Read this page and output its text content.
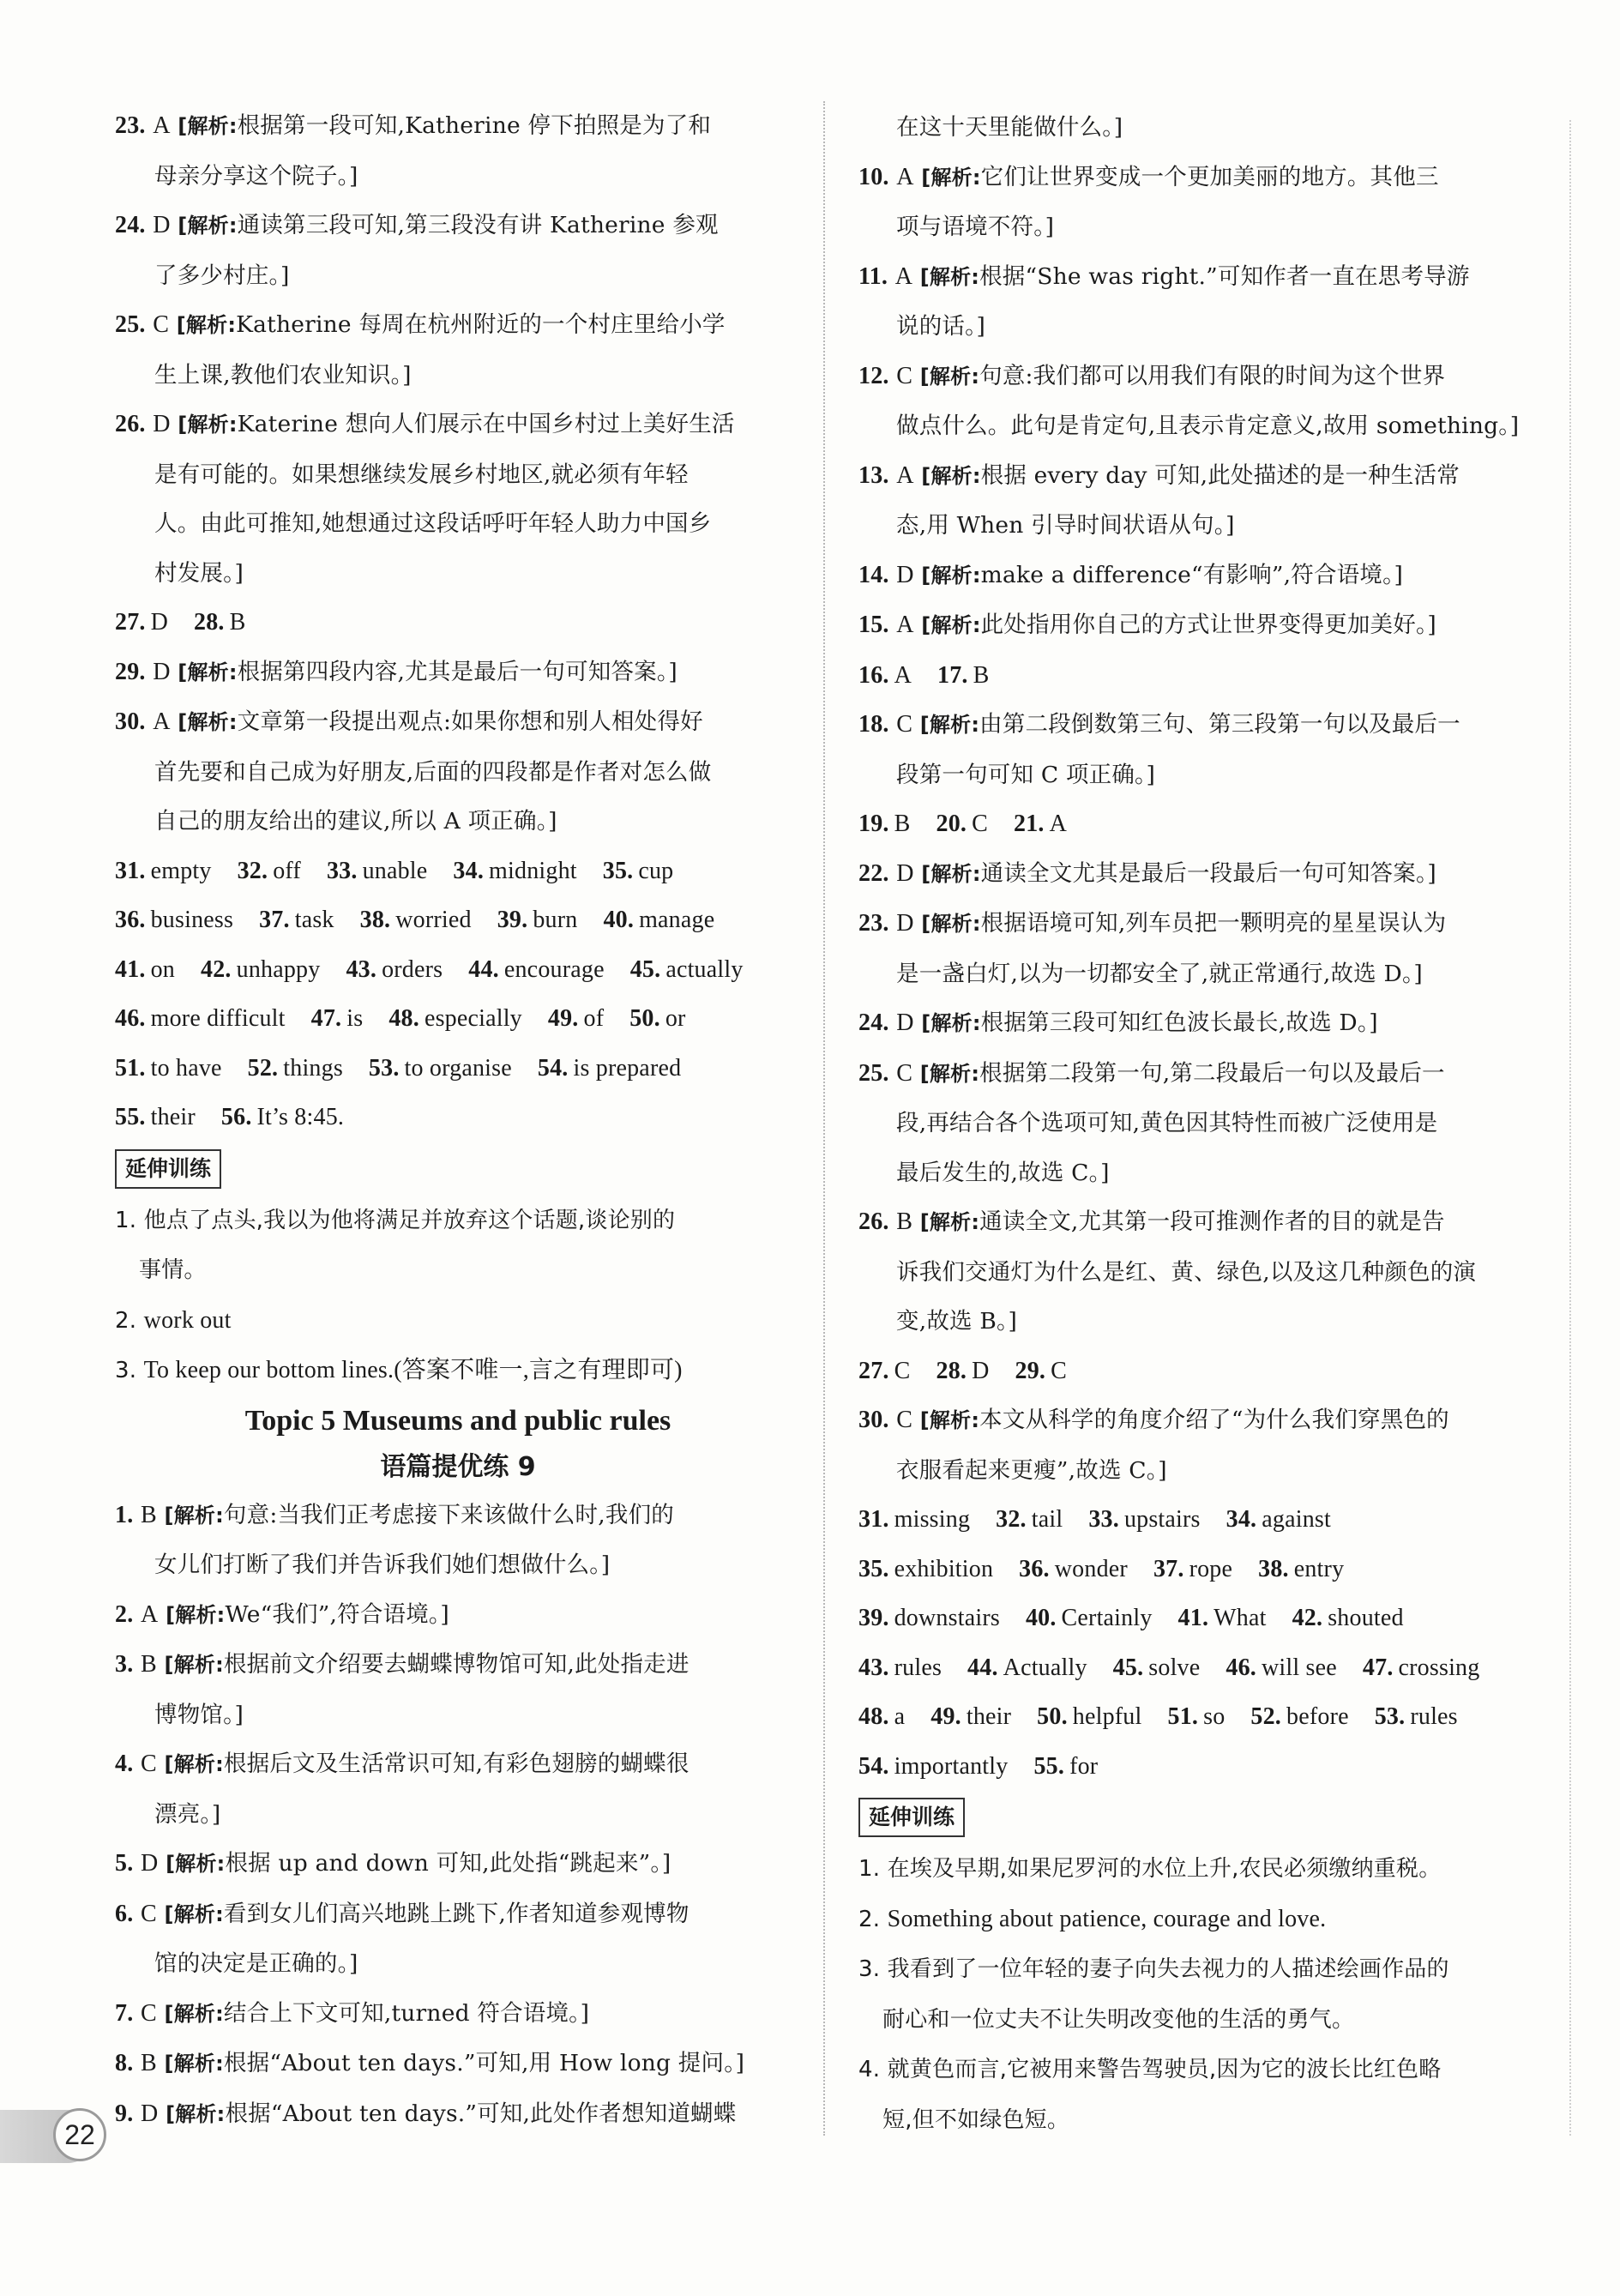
23. A [解析:根据第一段可知,Katherine 停下拍照是为了和
母亲分享这个院子。]
24. D [解析:通读第三段可知,第三段没有讲 Katherine 参观
了多少村庄。]
25. C [解析:Katherine 每周在杭州附近的一个村庄里给小学
生上课,教他们农业知识。]
26. D [解析:Katerine 想向人们展示在中国乡村过上美好生活
是有可能的。如果想继续发展乡村地区,就必须有年轻
人。由此可推知,她想通过这段话呼吁年轻人助力中国乡
村发展。]
27. D 28. B
29. D [解析:根据第四段内容,尤其是最后一句可知答案。]
30. A [解析:文章第一段提出观点:如果你想和别人相处得好
首先要和自己成为好朋友,后面的四段都是作者对怎么做
自己的朋友给出的建议,所以 A 项正确。]
31. empty 32. off 33. unable 34. midnight 35. cup
36. business 37. task 38. worried 39. burn 40. manage
41. on 42. unhappy 43. orders 44. encourage 45. actually
46. more difficult 47. is 48. especially 49. of 50. or
51. to have 52. things 53. to organise 54. is prepared
55. their 56. It’s 8:45.
延伸训练
1. 他点了点头,我以为他将满足并放弃这个话题,谈论别的
事情。
2. work out
3. To keep our bottom lines.(答案不唯一,言之有理即可)
Topic 5 Museums and public rules
语篇提优练 9
1. B [解析:句意:当我们正考虑接下来该做什么时,我们的
女儿们打断了我们并告诉我们她们想做什么。]
2. A [解析:We“我们”,符合语境。]
3. B [解析:根据前文介绍要去蝴蝶博物馆可知,此处指走进
博物馆。]
4. C [解析:根据后文及生活常识可知,有彩色翅膀的蝴蝶很
漂亮。]
5. D [解析:根据 up and down 可知,此处指“跳起来”。]
6. C [解析:看到女儿们高兴地跳上跳下,作者知道参观博物
馆的决定是正确的。]
7. C [解析:结合上下文可知,turned 符合语境。]
8. B [解析:根据“About ten days.”可知,用 How long 提问。]
9. D [解析:根据“About ten days.”可知,此处作者想知道蝴蝶
在这十天里能做什么。]
10. A [解析:它们让世界变成一个更加美丽的地方。其他三
项与语境不符。]
11. A [解析:根据“She was right.”可知作者一直在思考导游
说的话。]
12. C [解析:句意:我们都可以用我们有限的时间为这个世界
做点什么。此句是肯定句,且表示肯定意义,故用 something。]
13. A [解析:根据 every day 可知,此处描述的是一种生活常
态,用 When 引导时间状语从句。]
14. D [解析:make a difference“有影响”,符合语境。]
15. A [解析:此处指用你自己的方式让世界变得更加美好。]
16. A 17. B
18. C [解析:由第二段倒数第三句、第三段第一句以及最后一
段第一句可知 C 项正确。]
19. B 20. C 21. A
22. D [解析:通读全文尤其是最后一段最后一句可知答案。]
23. D [解析:根据语境可知,列车员把一颗明亮的星星误认为
是一盏白灯,以为一切都安全了,就正常通行,故选 D。]
24. D [解析:根据第三段可知红色波长最长,故选 D。]
25. C [解析:根据第二段第一句,第二段最后一句以及最后一
段,再结合各个选项可知,黄色因其特性而被广泛使用是
最后发生的,故选 C。]
26. B [解析:通读全文,尤其第一段可推测作者的目的就是告
诉我们交通灯为什么是红、黄、绿色,以及这几种颜色的演
变,故选 B。]
27. C 28. D 29. C
30. C [解析:本文从科学的角度介绍了“为什么我们穿黑色的
衣服看起来更瘦”,故选 C。]
31. missing 32. tail 33. upstairs 34. against
35. exhibition 36. wonder 37. rope 38. entry
39. downstairs 40. Certainly 41. What 42. shouted
43. rules 44. Actually 45. solve 46. will see 47. crossing
48. a 49. their 50. helpful 51. so 52. before 53. rules
54. importantly 55. for
延伸训练
1. 在埃及早期,如果尼罗河的水位上升,农民必须缴纳重税。
2. Something about patience, courage and love.
3. 我看到了一位年轻的妻子向失去视力的人描述绘画作品的
耐心和一位丈夫不让失明改变他的生活的勇气。
4. 就黄色而言,它被用来警告驾驶员,因为它的波长比红色略
短,但不如绿色短。
22
